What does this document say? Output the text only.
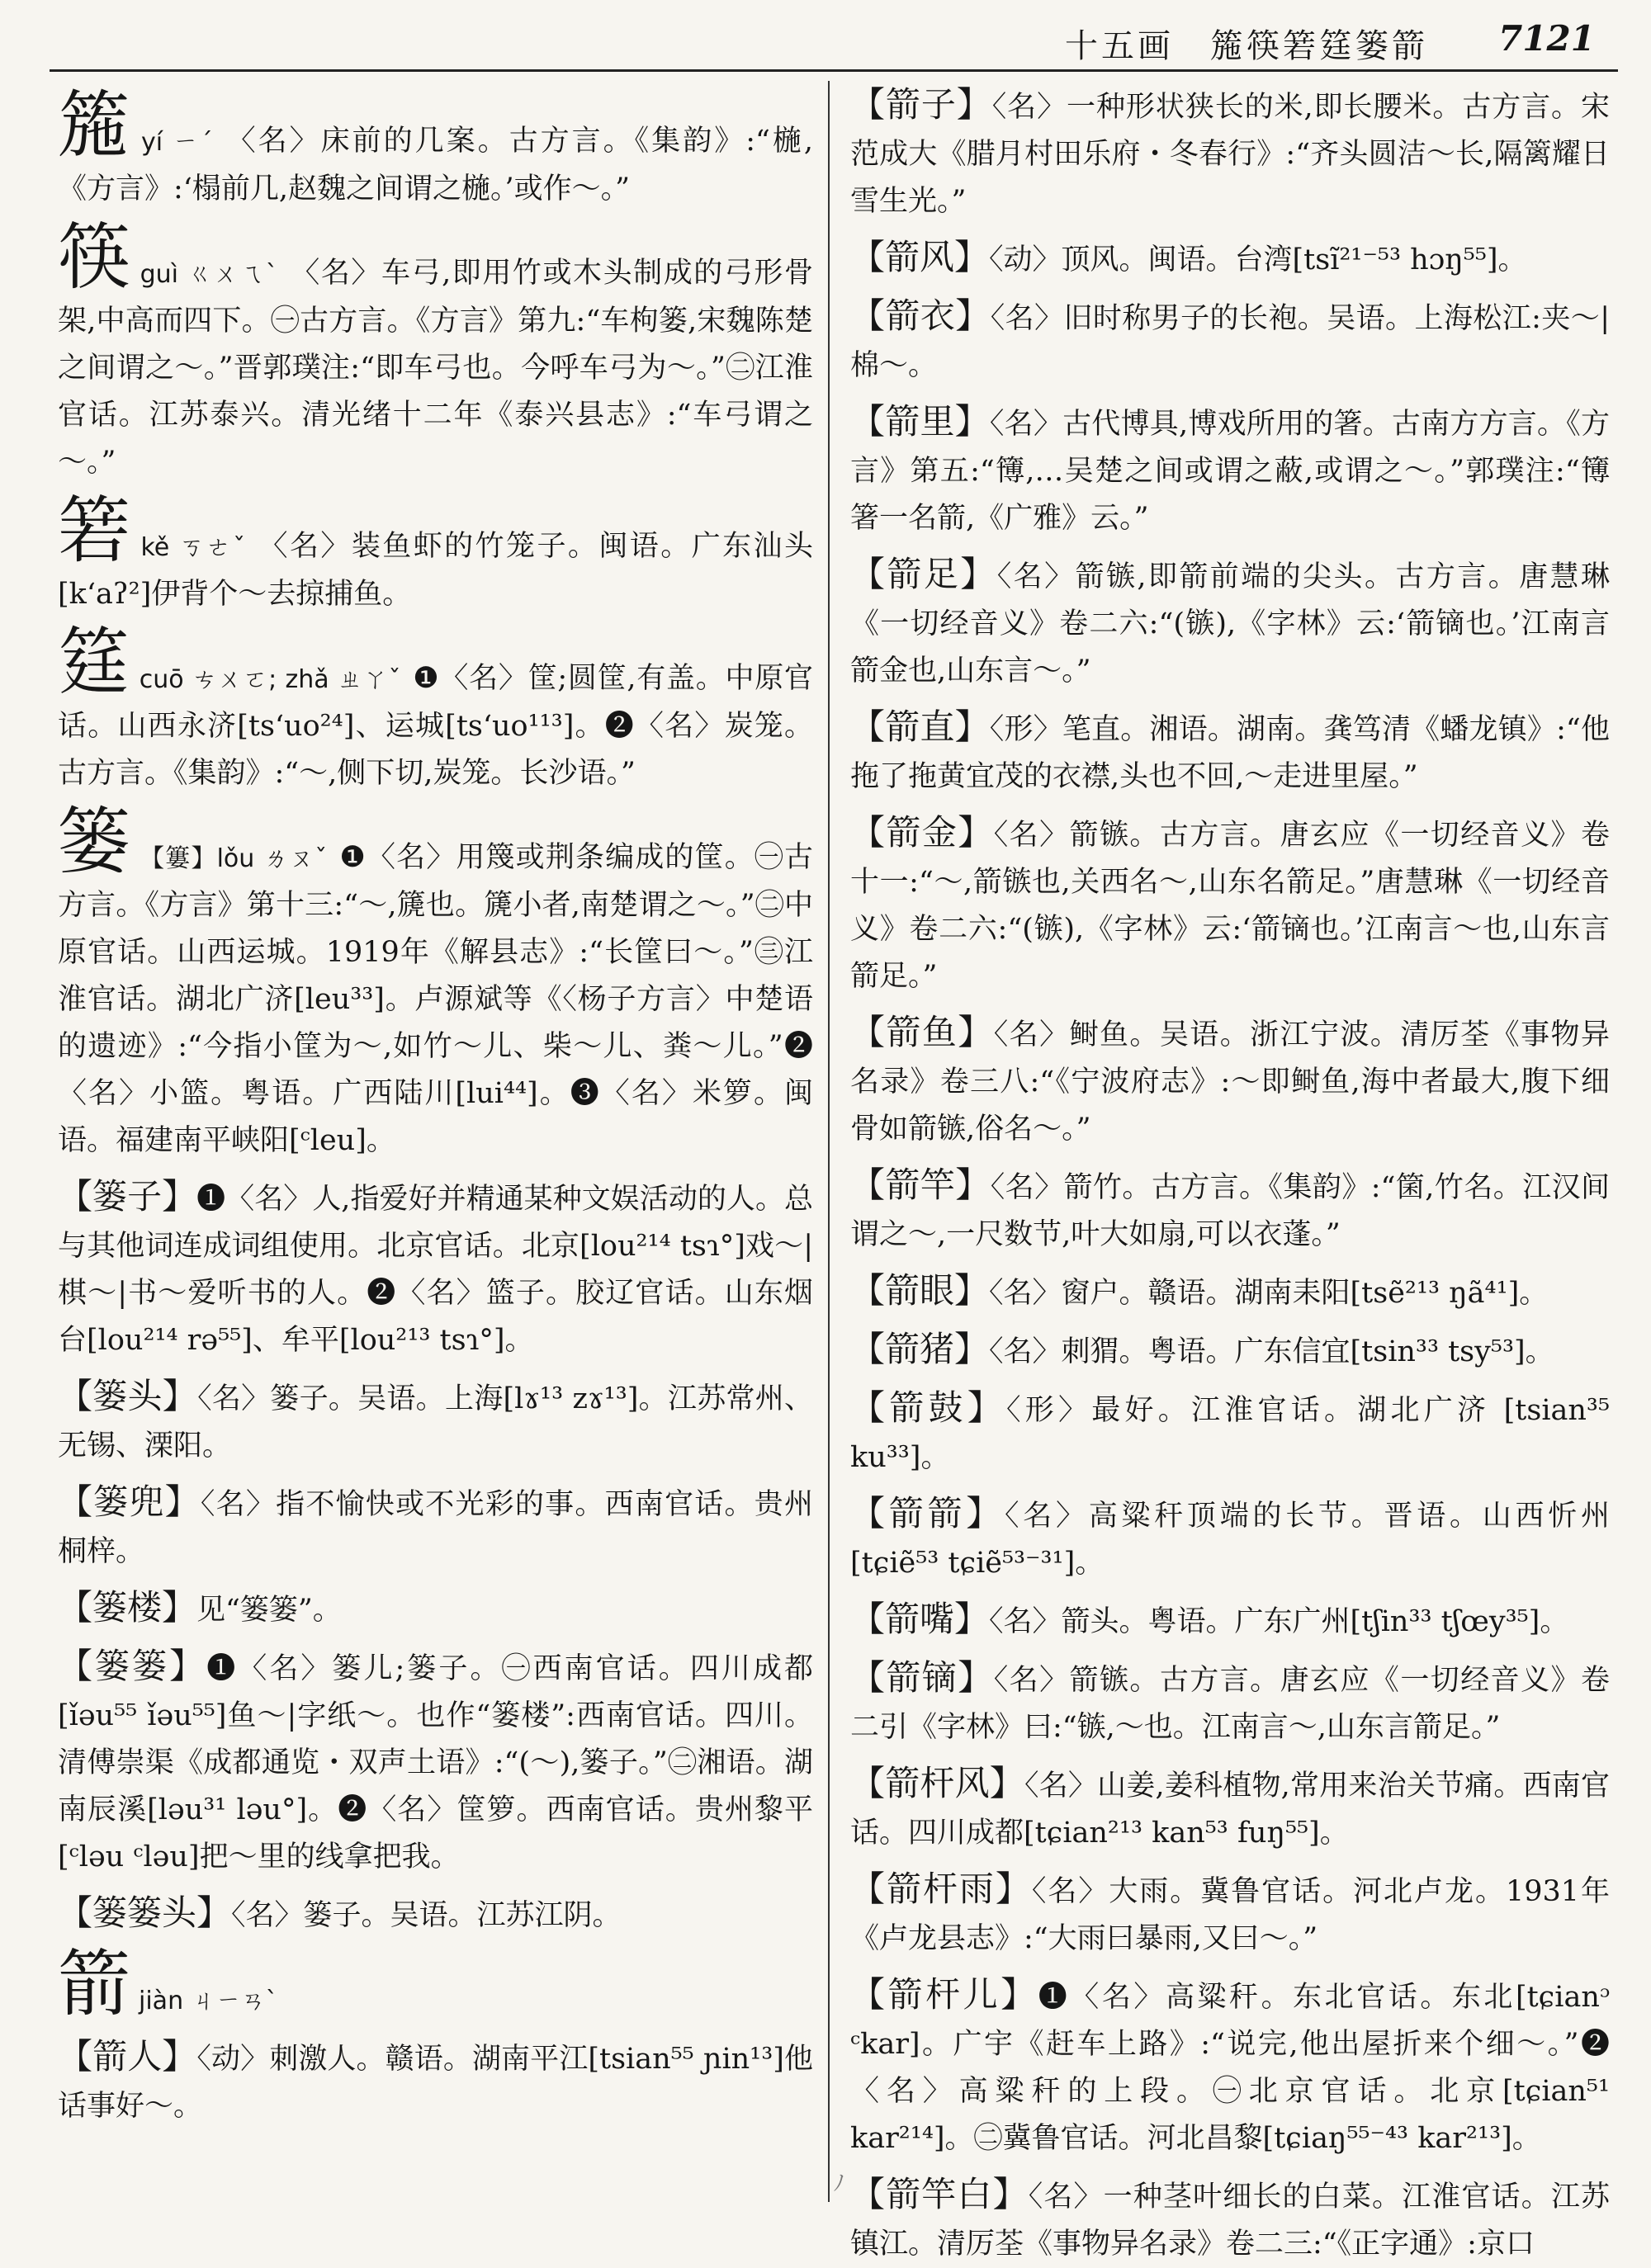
十五画　箷筷箬筳篓箭 7121

箷yí ㄧˊ 〈名〉床前的几案。古方言。《集韵》:“椸,《方言》:‘榻前几,赵魏之间谓之椸。’或作～。”

筷guì ㄍㄨㄟˋ 〈名〉车弓,即用竹或木头制成的弓形骨架,中高而四下。㊀古方言。《方言》第九:“车枸篓,宋魏陈楚之间谓之～。”晋郭璞注:“即车弓也。今呼车弓为～。”㊁江淮官话。江苏泰兴。清光绪十二年《泰兴县志》:“车弓谓之～。”

箬kě ㄎㄜˇ 〈名〉装鱼虾的竹笼子。闽语。广东汕头[kʻaʔ²]伊背个～去掠捕鱼。

筳cuō ㄘㄨㄛ; zhǎ ㄓㄚˇ ❶〈名〉筐;圆筐,有盖。中原官话。山西永济[tsʻuo²⁴]、运城[tsʻuo¹¹³]。❷〈名〉炭笼。古方言。《集韵》:“～,侧下切,炭笼。长沙语。”

篓 【簍】lǒu ㄌㄡˇ ❶〈名〉用篾或荆条编成的筐。㊀古方言。《方言》第十三:“～,篪也。篪小者,南楚谓之～。”㊁中原官话。山西运城。1919年《解县志》:“长筐曰～。”㊂江淮官话。湖北广济[leu³³]。卢源斌等《〈杨子方言〉中楚语的遗迹》:“今指小筐为～,如竹～儿、柴～儿、粪～儿。”❷〈名〉小篮。粤语。广西陆川[lui⁴⁴]。❸〈名〉米箩。闽语。福建南平峡阳[ᶜleu]。

【篓子】❶〈名〉人,指爱好并精通某种文娱活动的人。总与其他词连成词组使用。北京官话。北京[lou²¹⁴ tsɿ°]戏～|棋～|书～爱听书的人。❷〈名〉篮子。胶辽官话。山东烟台[lou²¹⁴ rə⁵⁵]、牟平[lou²¹³ tsɿ°]。

【篓头】〈名〉篓子。吴语。上海[lɤ¹³ zɤ¹³]。江苏常州、无锡、溧阳。

【篓兜】〈名〉指不愉快或不光彩的事。西南官话。贵州桐梓。

【篓楼】见“篓篓”。

【篓篓】❶〈名〉篓儿;篓子。㊀西南官话。四川成都[ǐəu⁵⁵ ǐəu⁵⁵]鱼～|字纸～。也作“篓楼”:西南官话。四川。清傅崇渠《成都通览・双声土语》:“(～),篓子。”㊁湘语。湖南辰溪[ləu³¹ ləu°]。❷〈名〉筐箩。西南官话。贵州黎平[ᶜləu ᶜləu]把～里的线拿把我。

【篓篓头】〈名〉篓子。吴语。江苏江阴。

箭jiàn ㄐㄧㄢˋ

【箭人】〈动〉刺激人。赣语。湖南平江[tsian⁵⁵ ɲin¹³]他话事好～。

【箭子】〈名〉一种形状狭长的米,即长腰米。古方言。宋范成大《腊月村田乐府・冬春行》:“齐头圆洁～长,隔篱耀日雪生光。”

【箭风】〈动〉顶风。闽语。台湾[tsĩ²¹⁻⁵³ hɔŋ⁵⁵]。

【箭衣】〈名〉旧时称男子的长袍。吴语。上海松江:夹～|棉～。

【箭里】〈名〉古代博具,博戏所用的箸。古南方方言。《方言》第五:“簙,…吴楚之间或谓之蔽,或谓之～。”郭璞注:“簙箸一名箭,《广雅》云。”

【箭足】〈名〉箭镞,即箭前端的尖头。古方言。唐慧琳《一切经音义》卷二六:“(镞),《字林》云:‘箭镝也。’江南言箭金也,山东言～。”

【箭直】〈形〉笔直。湘语。湖南。龚笃清《蟠龙镇》:“他拖了拖黄宜茂的衣襟,头也不回,～走进里屋。”

【箭金】〈名〉箭镞。古方言。唐玄应《一切经音义》卷十一:“～,箭镞也,关西名～,山东名箭足。”唐慧琳《一切经音义》卷二六:“(镞),《字林》云:‘箭镝也。’江南言～也,山东言箭足。”

【箭鱼】〈名〉鲥鱼。吴语。浙江宁波。清厉荃《事物异名录》卷三八:“《宁波府志》:～即鲥鱼,海中者最大,腹下细骨如箭镞,俗名～。”

【箭竿】〈名〉箭竹。古方言。《集韵》:“箘,竹名。江汉间谓之～,一尺数节,叶大如扇,可以衣蓬。”

【箭眼】〈名〉窗户。赣语。湖南耒阳[tsẽ²¹³ ŋã⁴¹]。

【箭猪】〈名〉刺猬。粤语。广东信宜[tsin³³ tsy⁵³]。

【箭鼓】〈形〉最好。江淮官话。湖北广济 [tsian³⁵ ku³³]。

【箭箭】〈名〉高粱秆顶端的长节。晋语。山西忻州[tɕiẽ⁵³ tɕiẽ⁵³⁻³¹]。

【箭嘴】〈名〉箭头。粤语。广东广州[tʃin³³ tʃœy³⁵]。

【箭镝】〈名〉箭镞。古方言。唐玄应《一切经音义》卷二引《字林》曰:“镞,～也。江南言～,山东言箭足。”

【箭杆风】〈名〉山姜,姜科植物,常用来治关节痛。西南官话。四川成都[tɕian²¹³ kan⁵³ fuŋ⁵⁵]。

【箭杆雨】〈名〉大雨。冀鲁官话。河北卢龙。1931年《卢龙县志》:“大雨曰暴雨,又曰～。”

【箭杆儿】❶〈名〉高粱秆。东北官话。东北[tɕianᵓ ᶜkar]。广宇《赶车上路》:“说完,他出屋折来个细～。”❷〈名〉高粱秆的上段。㊀北京官话。北京[tɕian⁵¹ kar²¹⁴]。㊁冀鲁官话。河北昌黎[tɕiaŋ⁵⁵⁻⁴³ kar²¹³]。

【箭竿白】〈名〉一种茎叶细长的白菜。江淮官话。江苏镇江。清厉荃《事物异名录》卷二三:“《正字通》:京口

ﾉ
